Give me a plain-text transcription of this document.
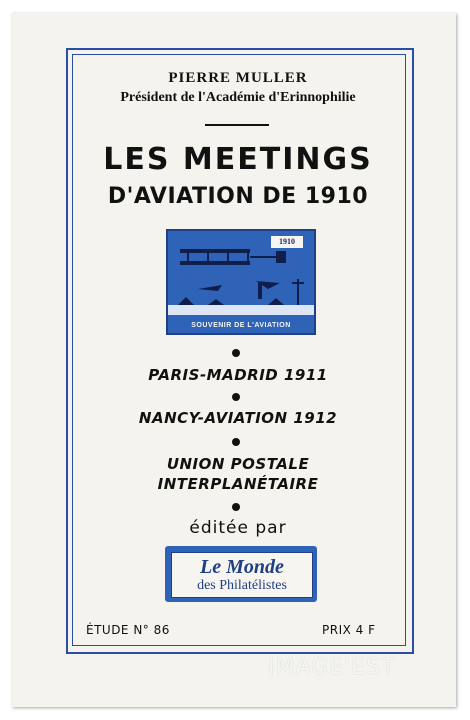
PIERRE MULLER
Président de l'Académie d'Erinnophilie
LES MEETINGS
D'AVIATION DE 1910
1910
SOUVENIR DE L'AVIATION
PARIS-MADRID 1911
NANCY-AVIATION 1912
UNION POSTALE
INTERPLANÉTAIRE
éditée par
Le Monde
des Philatélistes
ÉTUDE N° 86	PRIX 4 F
IMAGE'EST
